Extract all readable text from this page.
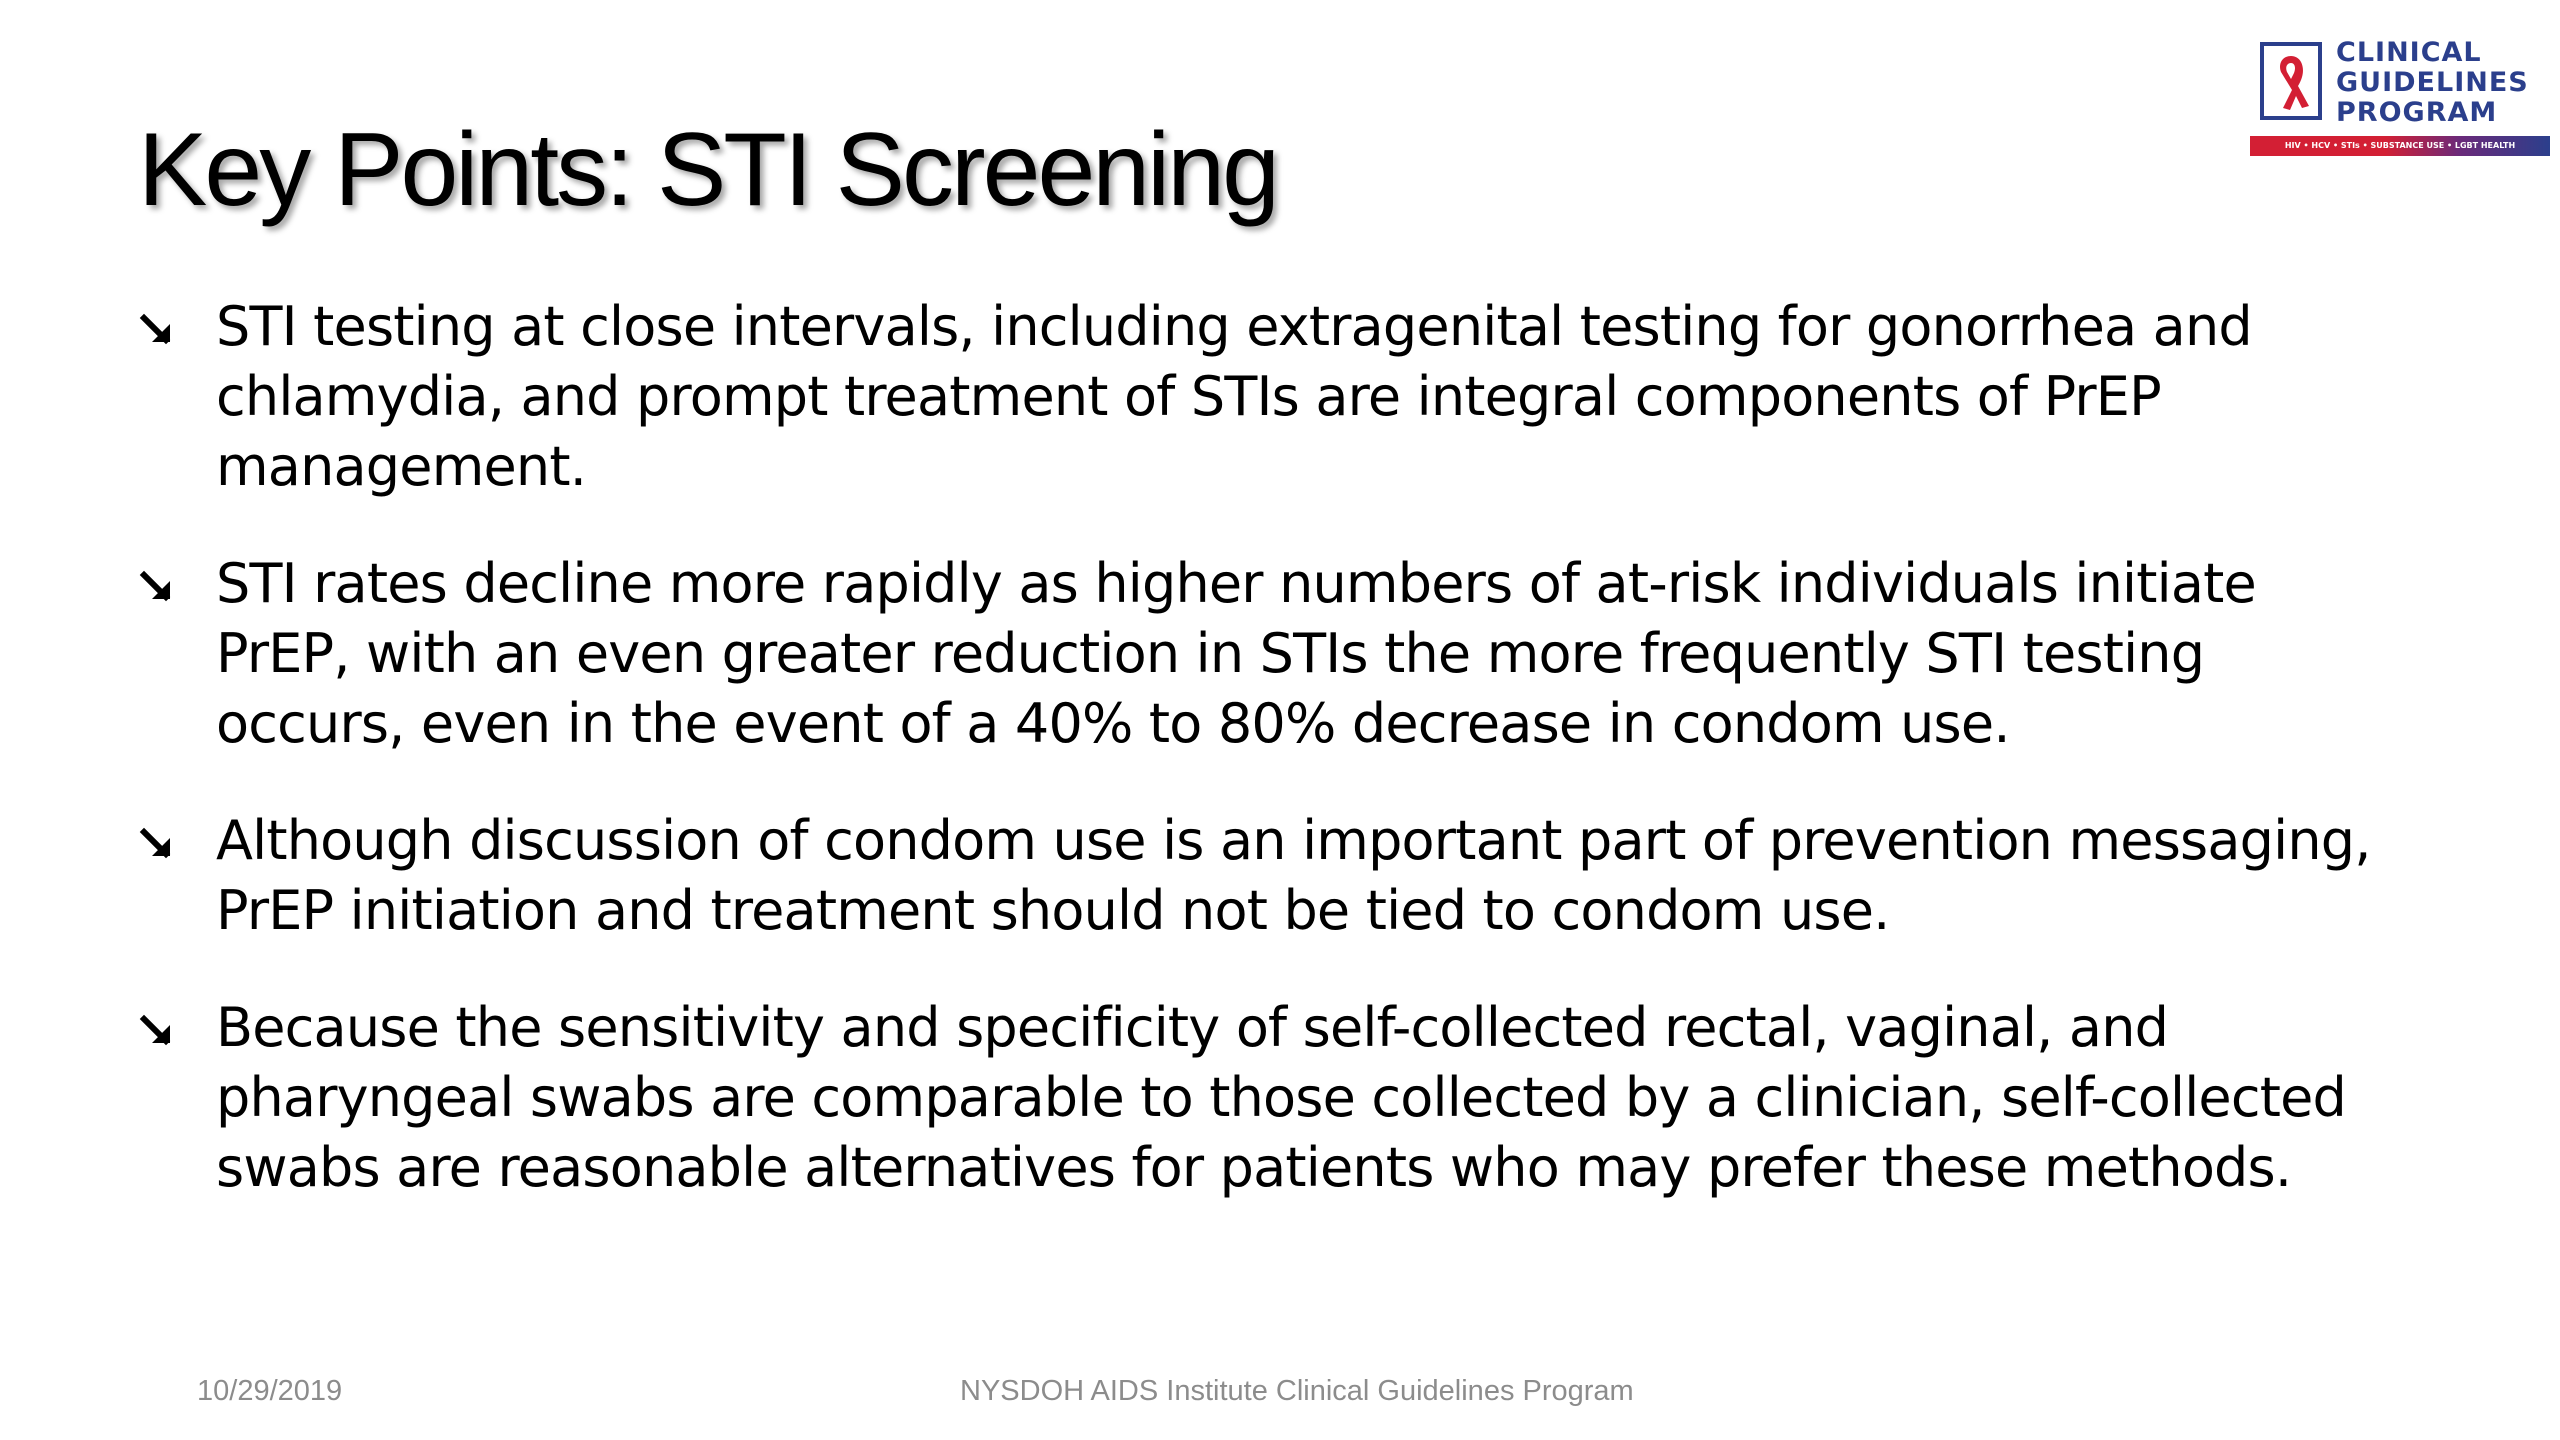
Key Points: STI Screening
CLINICAL
GUIDELINES
PROGRAM
HIV • HCV • STIs • SUBSTANCE USE • LGBT HEALTH
STI testing at close intervals, including extragenital testing for gonorrhea and chlamydia, and prompt treatment of STIs are integral components of PrEP management.
STI rates decline more rapidly as higher numbers of at-risk individuals initiate PrEP, with an even greater reduction in STIs the more frequently STI testing occurs, even in the event of a 40% to 80% decrease in condom use.
Although discussion of condom use is an important part of prevention messaging, PrEP initiation and treatment should not be tied to condom use.
Because the sensitivity and specificity of self-collected rectal, vaginal, and pharyngeal swabs are comparable to those collected by a clinician, self-collected swabs are reasonable alternatives for patients who may prefer these methods.
10/29/2019	NYSDOH AIDS Institute Clinical Guidelines Program
